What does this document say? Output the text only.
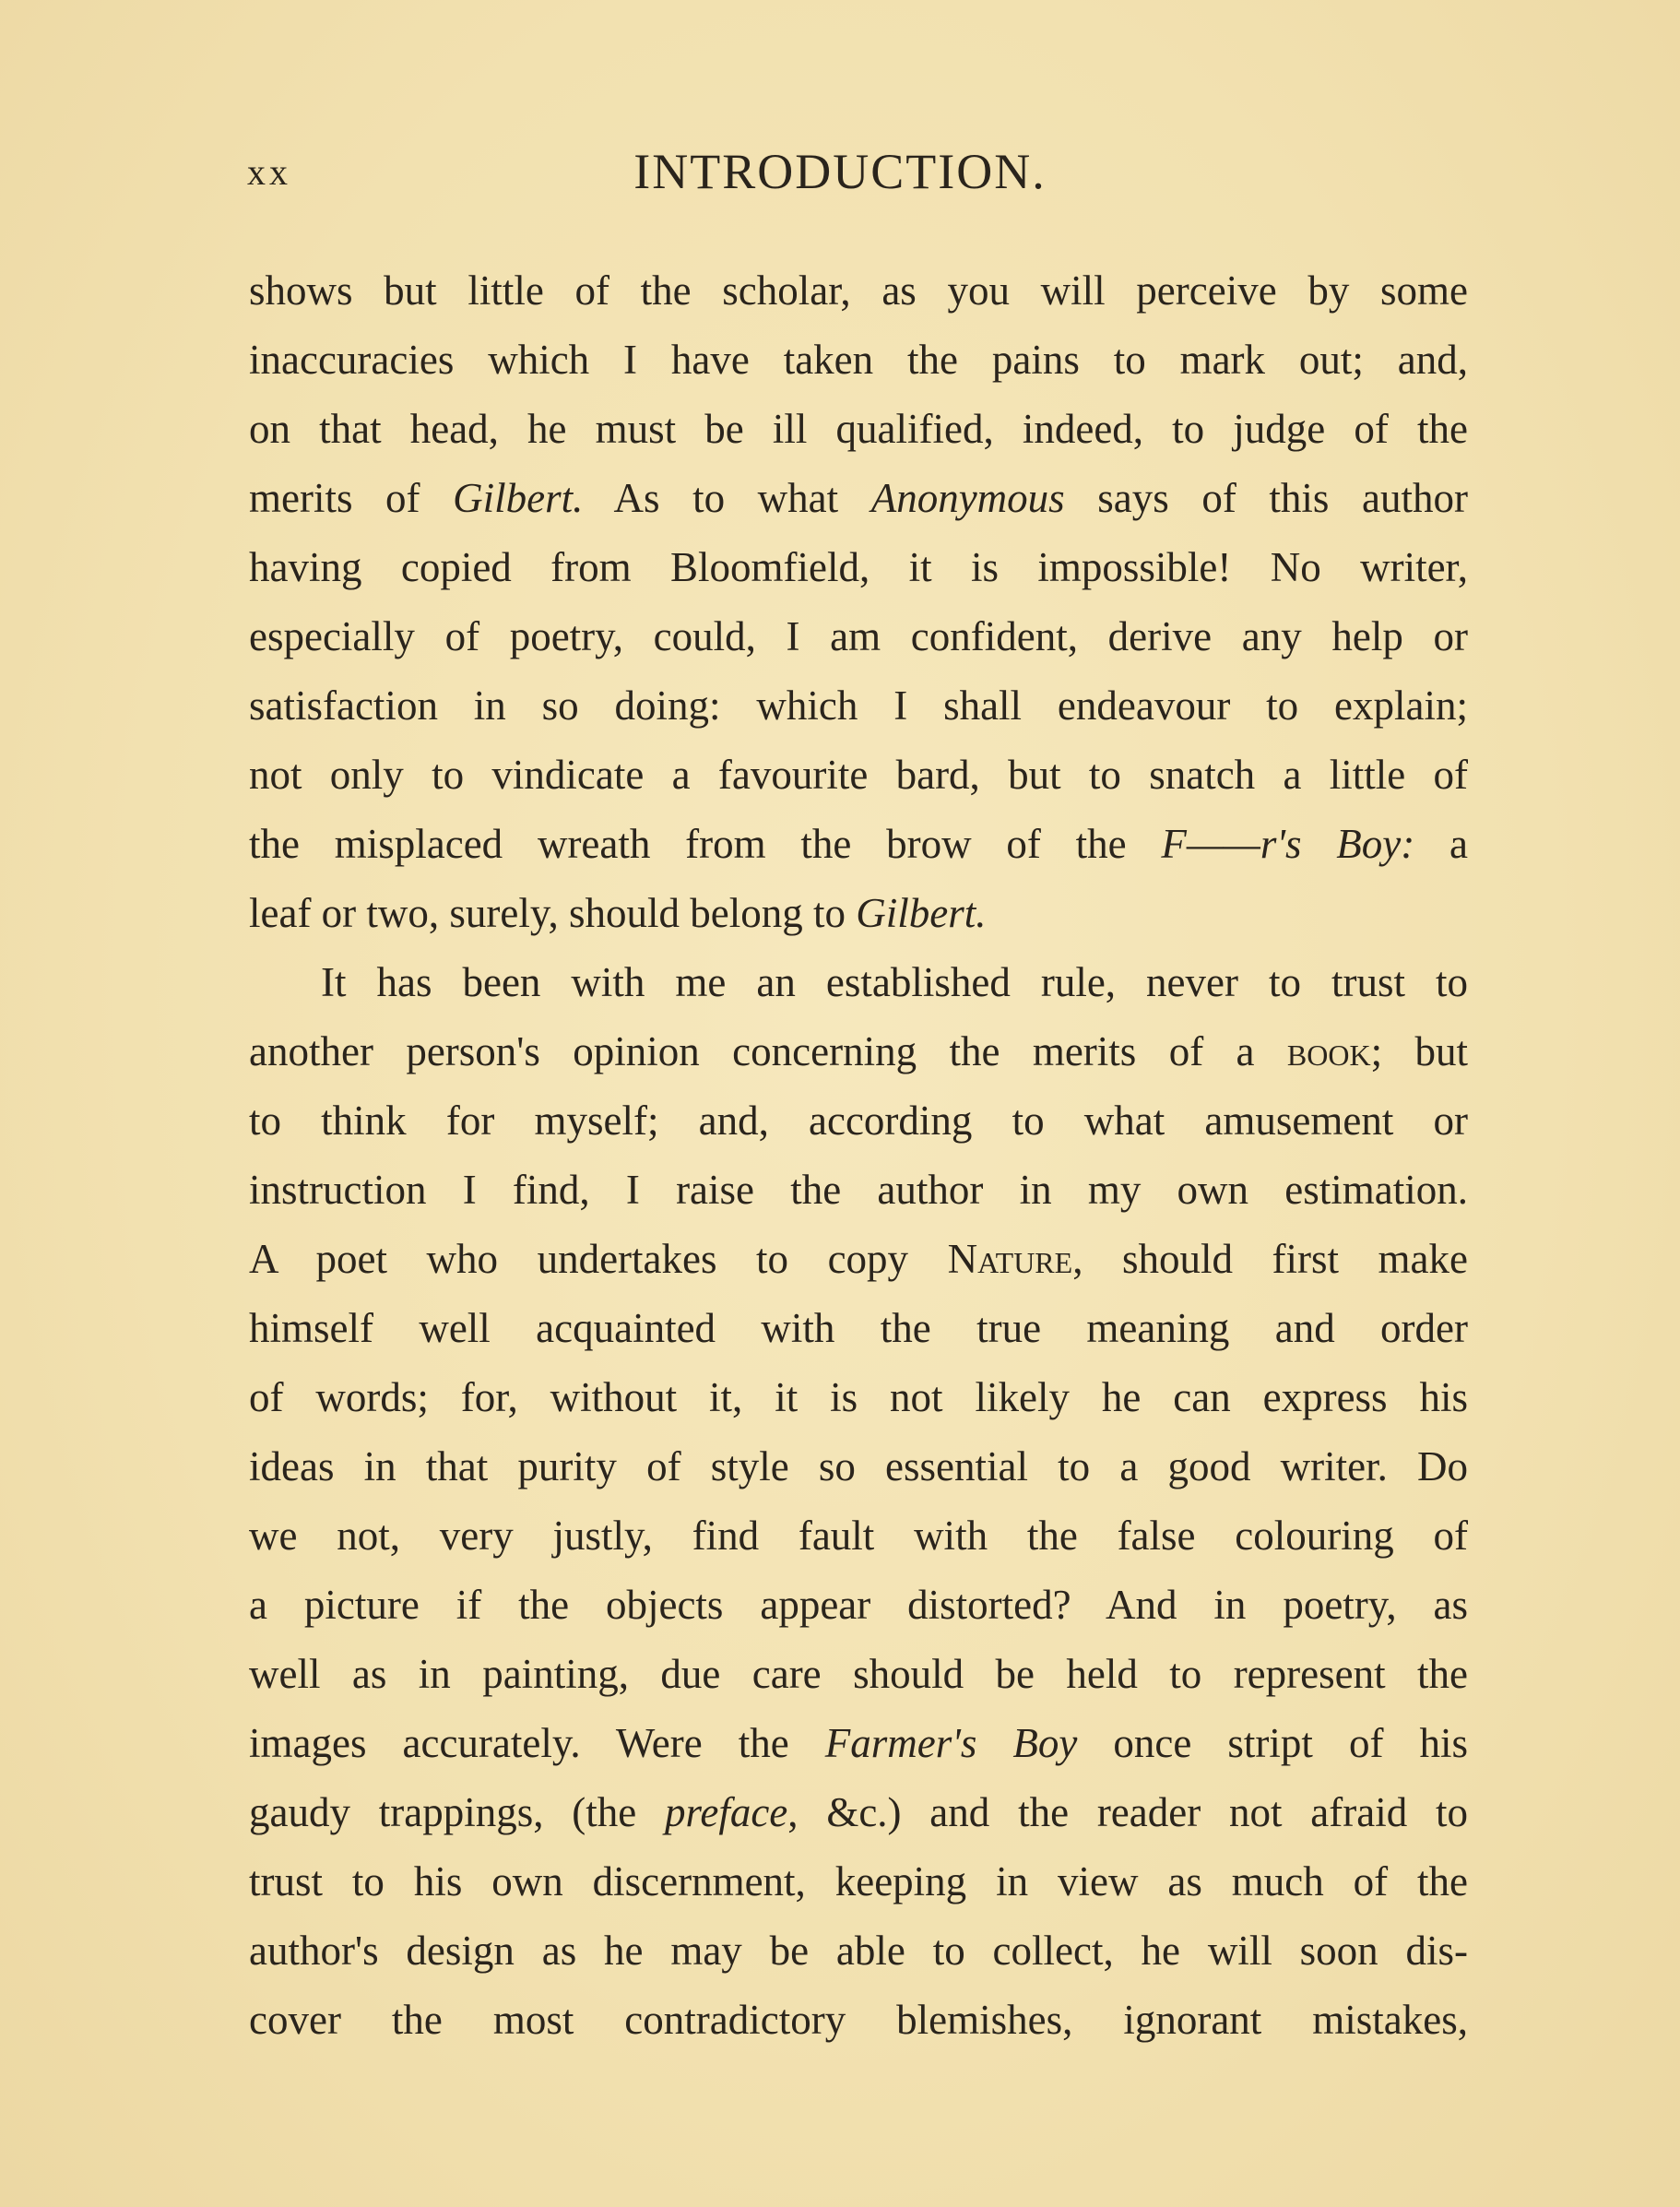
xx	INTRODUCTION.
shows but little of the scholar, as you will perceive by some
inaccuracies which I have taken the pains to mark out; and,
on that head, he must be ill qualified, indeed, to judge of the
merits of Gilbert. As to what Anonymous says of this author
having copied from Bloomfield, it is impossible! No writer,
especially of poetry, could, I am confident, derive any help or
satisfaction in so doing: which I shall endeavour to explain;
not only to vindicate a favourite bard, but to snatch a little of
the misplaced wreath from the brow of the F——r's Boy: a
leaf or two, surely, should belong to Gilbert.
It has been with me an established rule, never to trust to
another person's opinion concerning the merits of a book; but
to think for myself; and, according to what amusement or
instruction I find, I raise the author in my own estimation.
A poet who undertakes to copy Nature, should first make
himself well acquainted with the true meaning and order
of words; for, without it, it is not likely he can express his
ideas in that purity of style so essential to a good writer. Do
we not, very justly, find fault with the false colouring of
a picture if the objects appear distorted? And in poetry, as
well as in painting, due care should be held to represent the
images accurately. Were the Farmer's Boy once stript of his
gaudy trappings, (the preface, &c.) and the reader not afraid to
trust to his own discernment, keeping in view as much of the
author's design as he may be able to collect, he will soon dis-
cover the most contradictory blemishes, ignorant mistakes,
